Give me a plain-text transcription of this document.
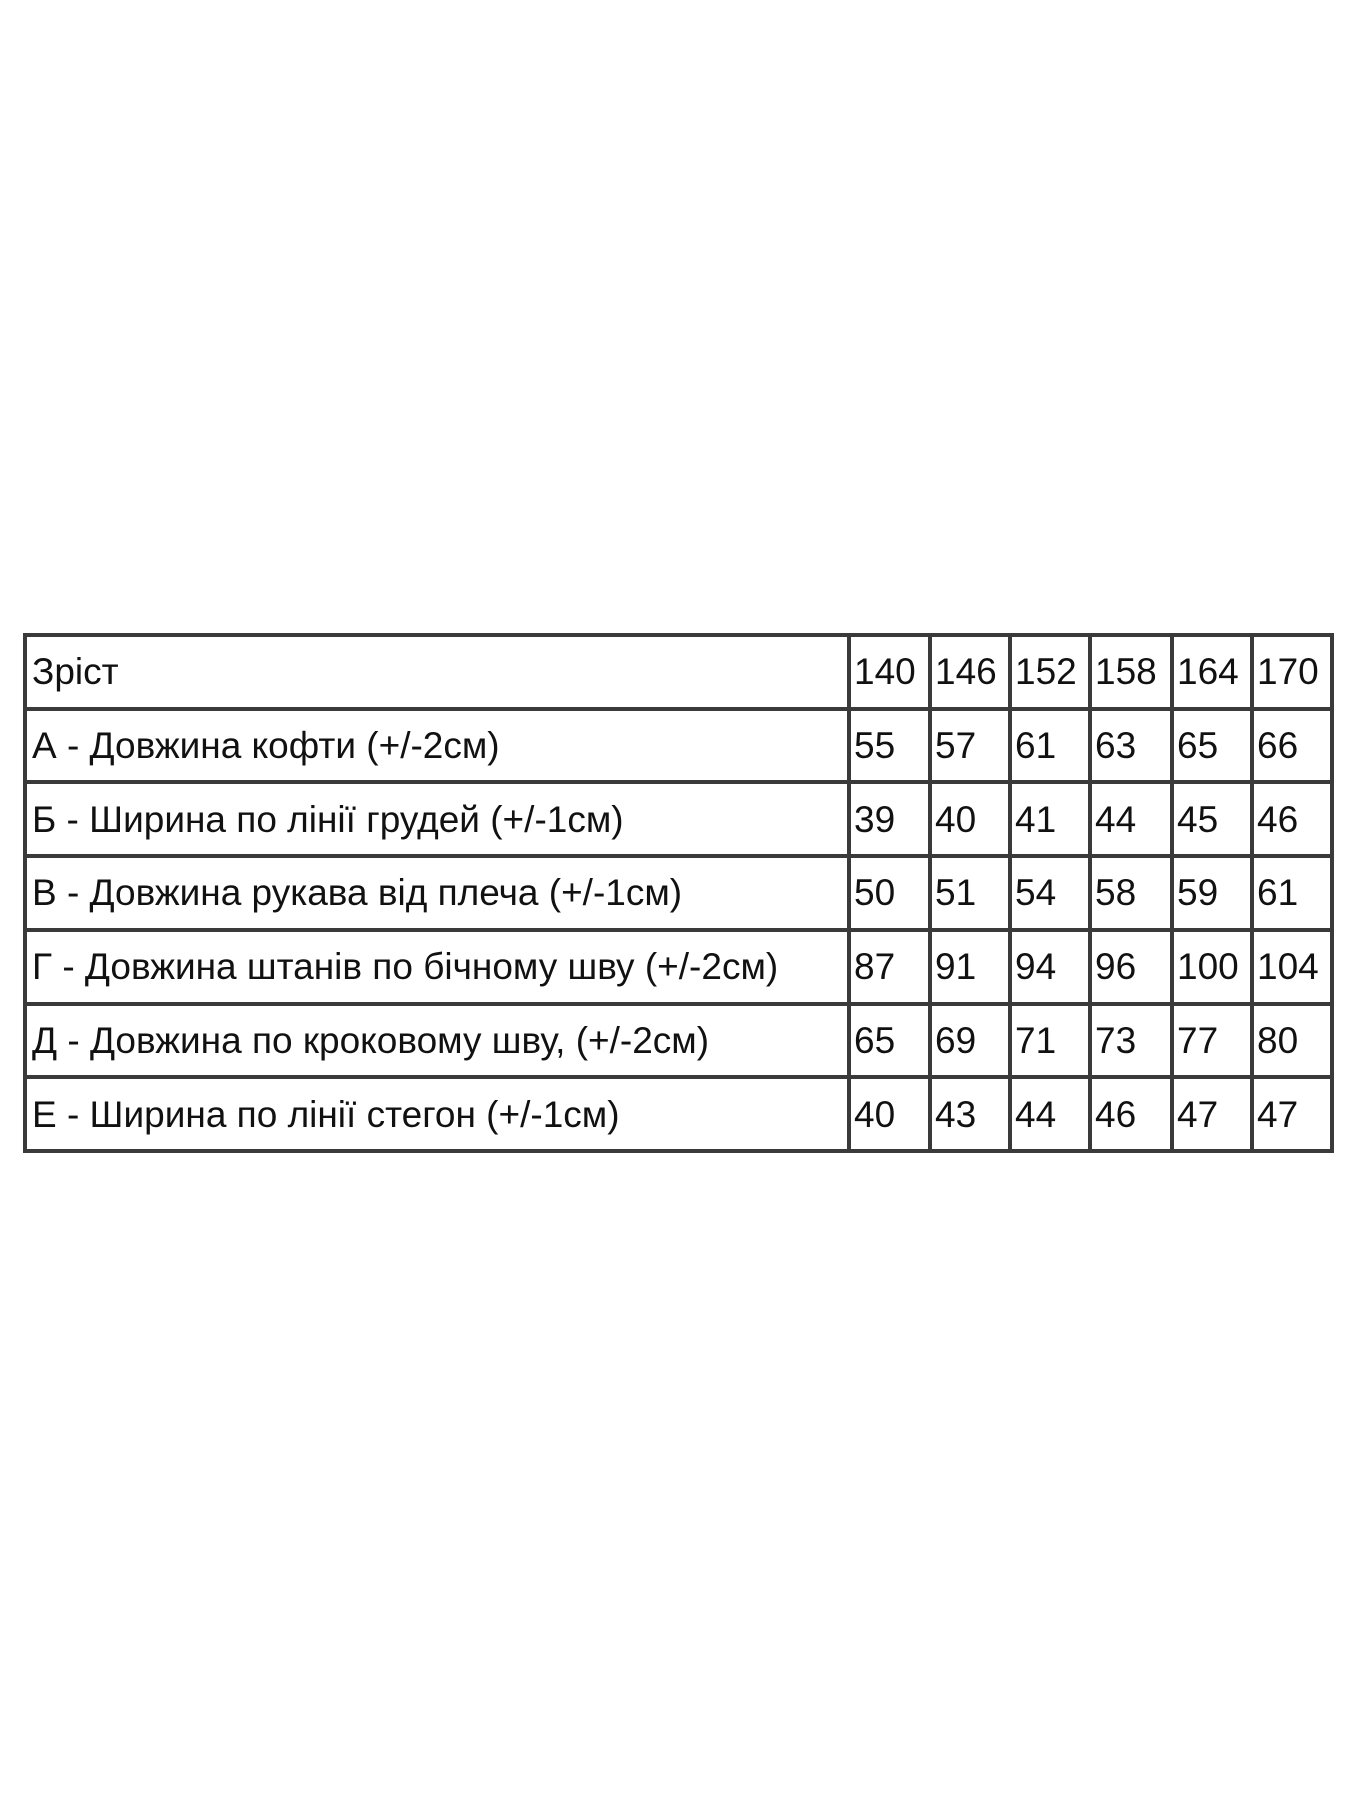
Зріст	140	146	152	158	164	170
А - Довжина кофти (+/-2см)	55	57	61	63	65	66
Б - Ширина по лінії грудей (+/-1см)	39	40	41	44	45	46
В - Довжина рукава від плеча (+/-1см)	50	51	54	58	59	61
Г - Довжина штанів по бічному шву (+/-2см)	87	91	94	96	100	104
Д - Довжина по кроковому шву, (+/-2см)	65	69	71	73	77	80
Е - Ширина по лінії стегон (+/-1см)	40	43	44	46	47	47
